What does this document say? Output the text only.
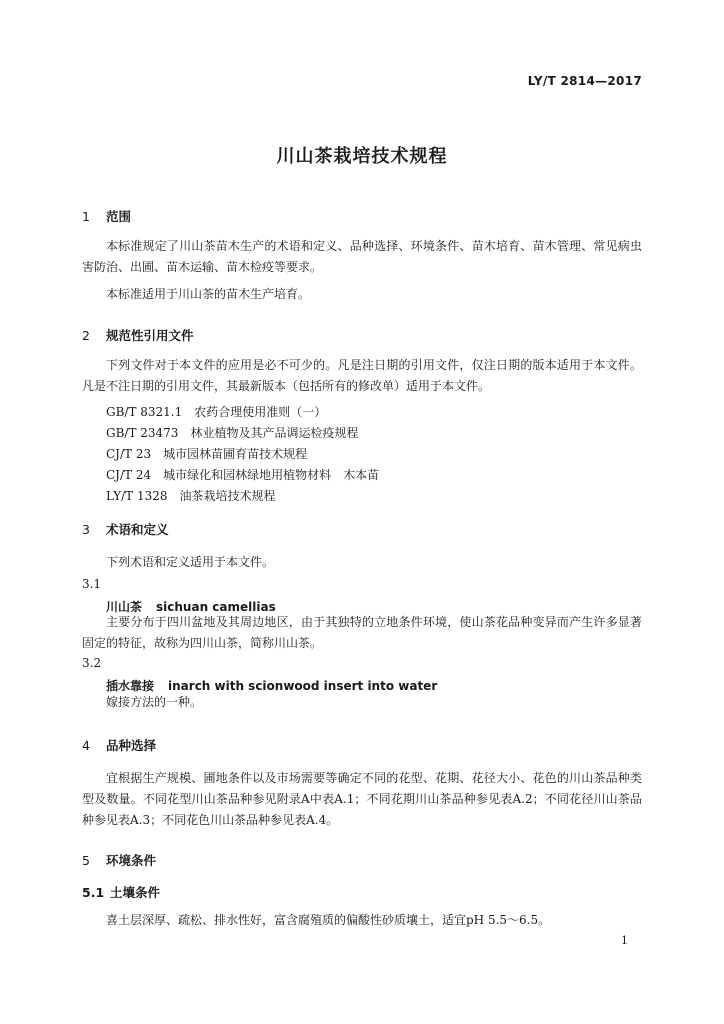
LY/T 2814—2017
川山茶栽培技术规程
1 范围

本标准规定了川山茶苗木生产的术语和定义、品种选择、环境条件、苗木培育、苗木管理、常见病虫害防治、出圃、苗木运输、苗木检疫等要求。

本标准适用于川山茶的苗木生产培育。

2 规范性引用文件

下列文件对于本文件的应用是必不可少的。凡是注日期的引用文件，仅注日期的版本适用于本文件。凡是不注日期的引用文件，其最新版本（包括所有的修改单）适用于本文件。

GB/T 8321.1　农药合理使用准则（一）
GB/T 23473　林业植物及其产品调运检疫规程
CJ/T 23　城市园林苗圃育苗技术规程
CJ/T 24　城市绿化和园林绿地用植物材料　木本苗
LY/T 1328　油茶栽培技术规程
3 术语和定义

下列术语和定义适用于本文件。

3.1
川山茶 sichuan camellias

主要分布于四川盆地及其周边地区，由于其独特的立地条件环境，使山茶花品种变异而产生许多显著固定的特征，故称为四川山茶，简称川山茶。

3.2
插水靠接 inarch with scionwood insert into water

嫁接方法的一种。

4 品种选择

宜根据生产规模、圃地条件以及市场需要等确定不同的花型、花期、花径大小、花色的川山茶品种类型及数量。不同花型川山茶品种参见附录A中表A.1；不同花期川山茶品种参见表A.2；不同花径川山茶品种参见表A.3；不同花色川山茶品种参见表A.4。

5 环境条件
5.1 土壤条件

喜土层深厚、疏松、排水性好，富含腐殖质的偏酸性砂质壤土，适宜pH 5.5～6.5。

1
